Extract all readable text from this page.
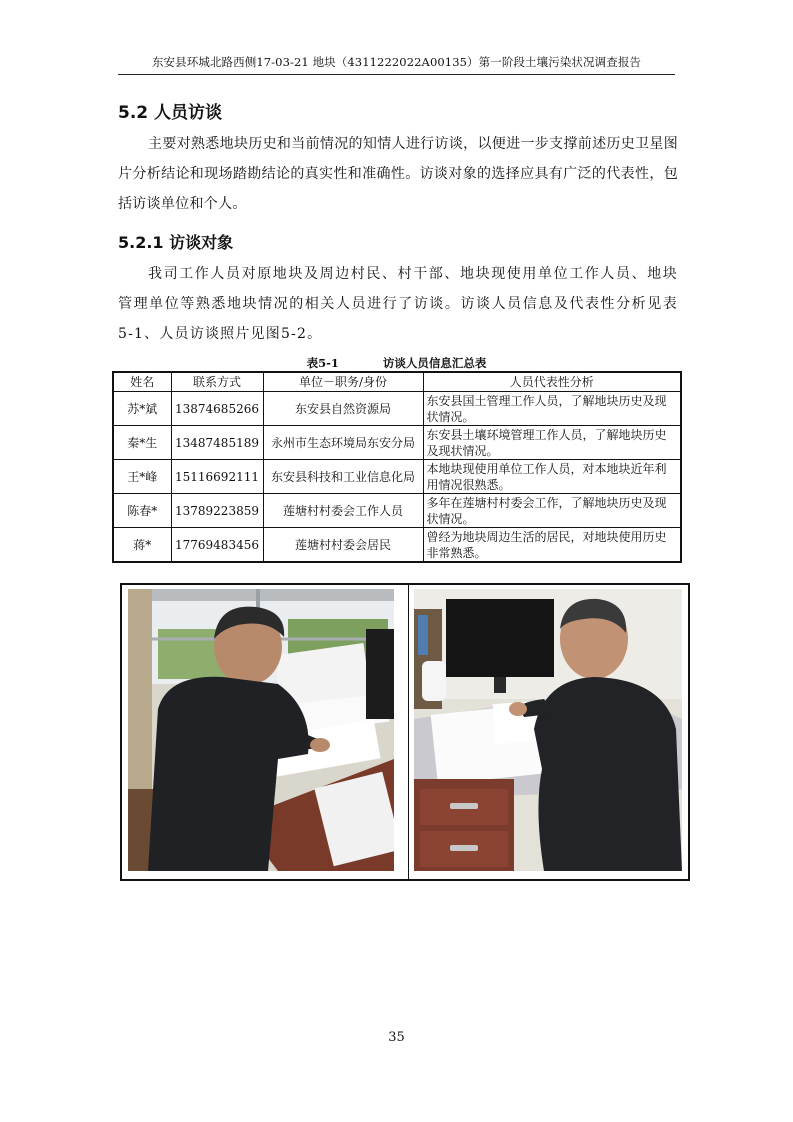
东安县环城北路西侧17-03-21 地块（4311222022A00135）第一阶段土壤污染状况调查报告
5.2 人员访谈

主要对熟悉地块历史和当前情况的知情人进行访谈，以便进一步支撑前述历史卫星图片分析结论和现场踏勘结论的真实性和准确性。访谈对象的选择应具有广泛的代表性，包括访谈单位和个人。

5.2.1 访谈对象

我司工作人员对原地块及周边村民、村干部、地块现使用单位工作人员、地块管理单位等熟悉地块情况的相关人员进行了访谈。访谈人员信息及代表性分析见表5-1、人员访谈照片见图5-2。

表5-1	访谈人员信息汇总表
姓名	联系方式	单位－职务/身份	人员代表性分析
苏*斌	13874685266	东安县自然资源局	东安县国土管理工作人员，了解地块历史及现状情况。
秦*生	13487485189	永州市生态环境局东安分局	东安县土壤环境管理工作人员，了解地块历史及现状情况。
王*峰	15116692111	东安县科技和工业信息化局	本地块现使用单位工作人员，对本地块近年利用情况很熟悉。
陈春*	13789223859	莲塘村村委会工作人员	多年在莲塘村村委会工作，了解地块历史及现状情况。
蒋*	17769483456	莲塘村村委会居民	曾经为地块周边生活的居民，对地块使用历史非常熟悉。
35
